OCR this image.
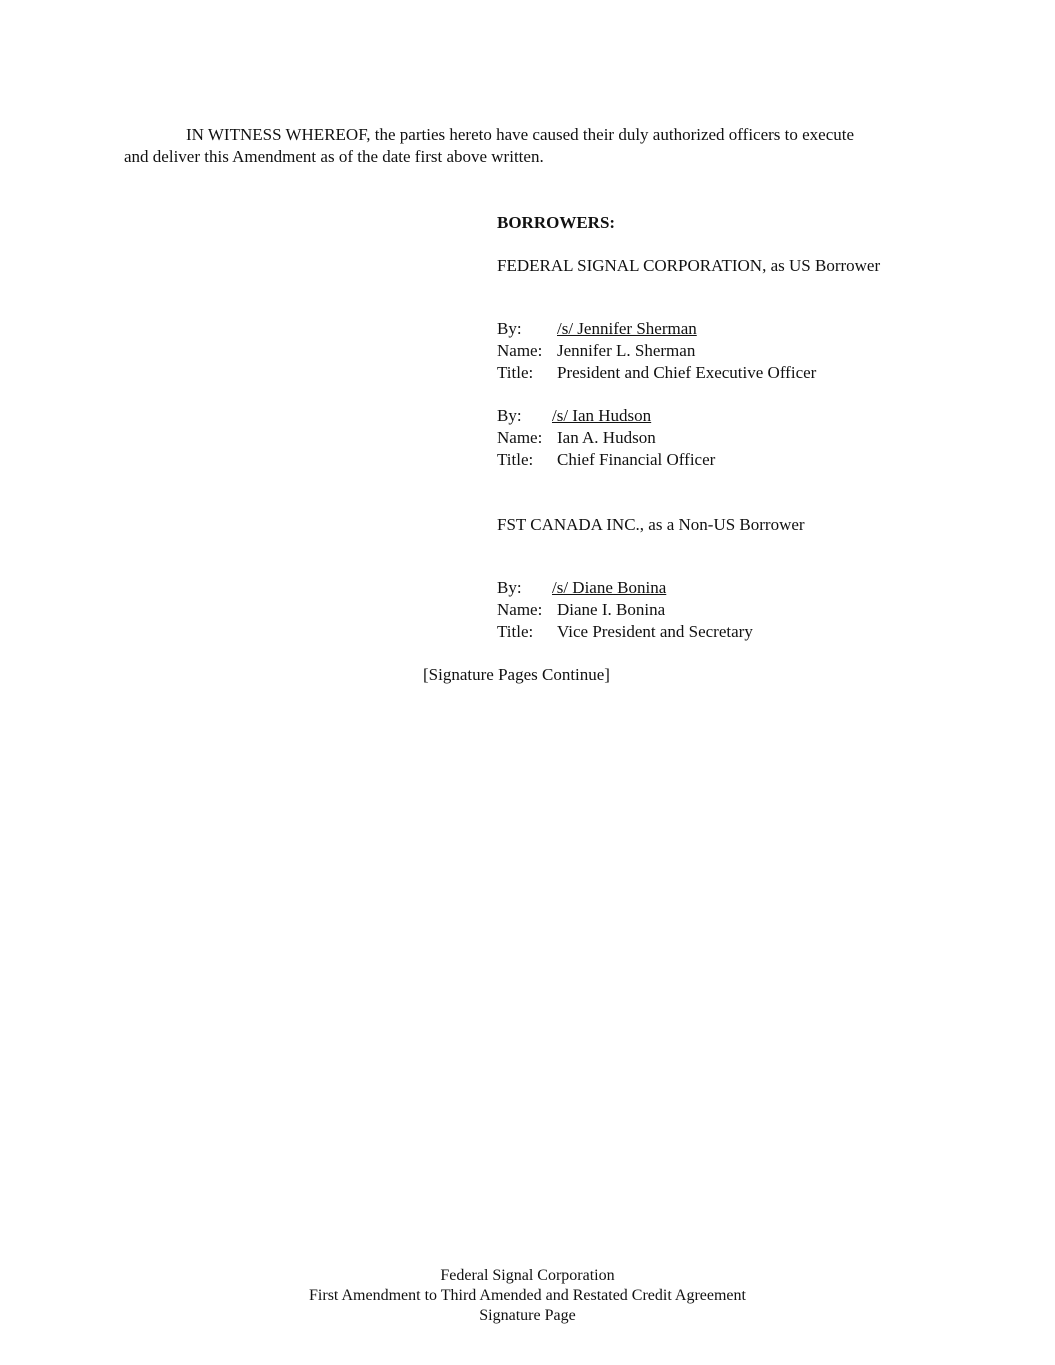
IN WITNESS WHEREOF, the parties hereto have caused their duly authorized officers to execute

and deliver this Amendment as of the date first above written.

BORROWERS:
FEDERAL SIGNAL CORPORATION, as US Borrower
By: /s/ Jennifer Sherman
Name: Jennifer L. Sherman
Title: President and Chief Executive Officer
By: /s/ Ian Hudson
Name: Ian A. Hudson
Title: Chief Financial Officer
FST CANADA INC., as a Non-US Borrower
By: /s/ Diane Bonina
Name: Diane I. Bonina
Title: Vice President and Secretary
[Signature Pages Continue]
Federal Signal Corporation
First Amendment to Third Amended and Restated Credit Agreement
Signature Page
